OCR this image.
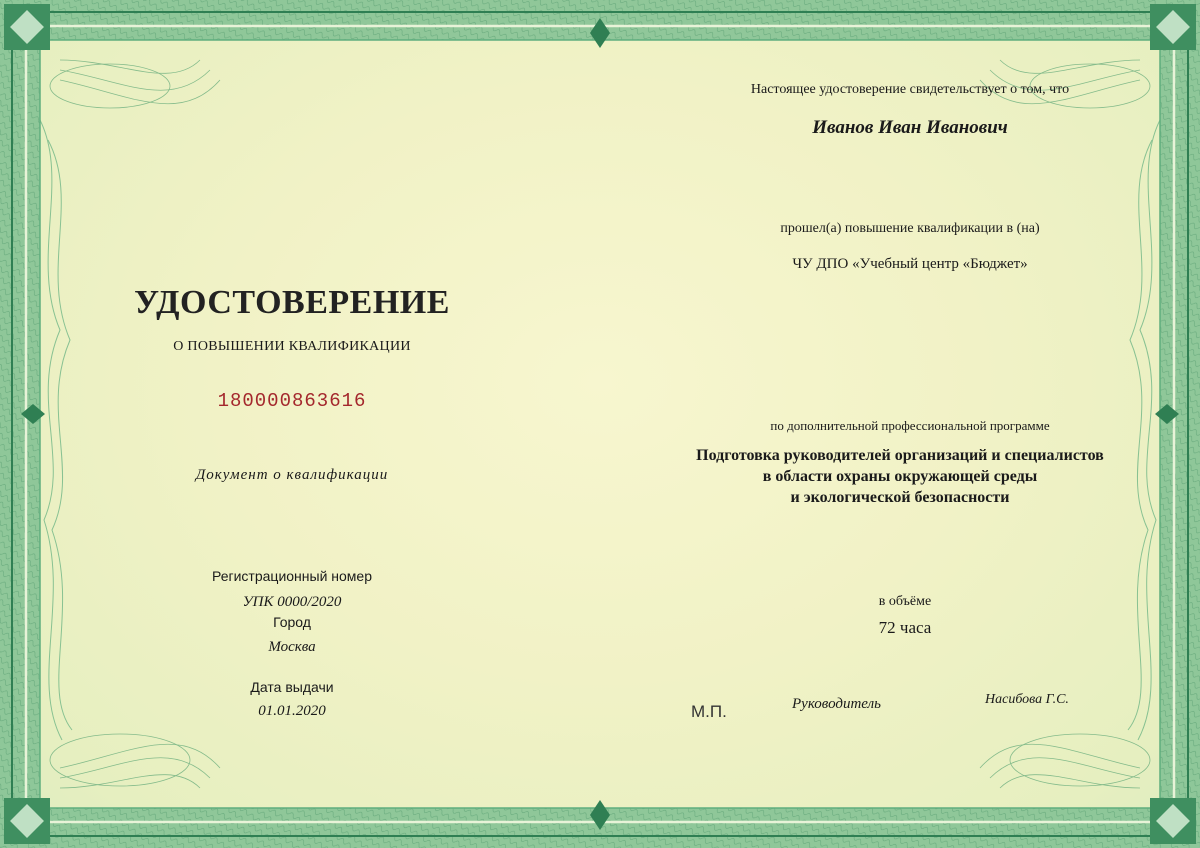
УДОСТОВЕРЕНИЕ
О ПОВЫШЕНИИ КВАЛИФИКАЦИИ
180000863616
Документ о квалификации
Регистрационный номер
УПК 0000/2020
Город
Москва
Дата выдачи
01.01.2020
Настоящее удостоверение свидетельствует о том, что
Иванов Иван Иванович
прошел(а) повышение квалификации в (на)
ЧУ ДПО «Учебный центр «Бюджет»
по дополнительной профессиональной программе
Подготовка руководителей организаций и специалистов
в области охраны окружающей среды
и экологической безопасности
в объёме
72 часа
М.П.	Руководитель	Насибова Г.С.
